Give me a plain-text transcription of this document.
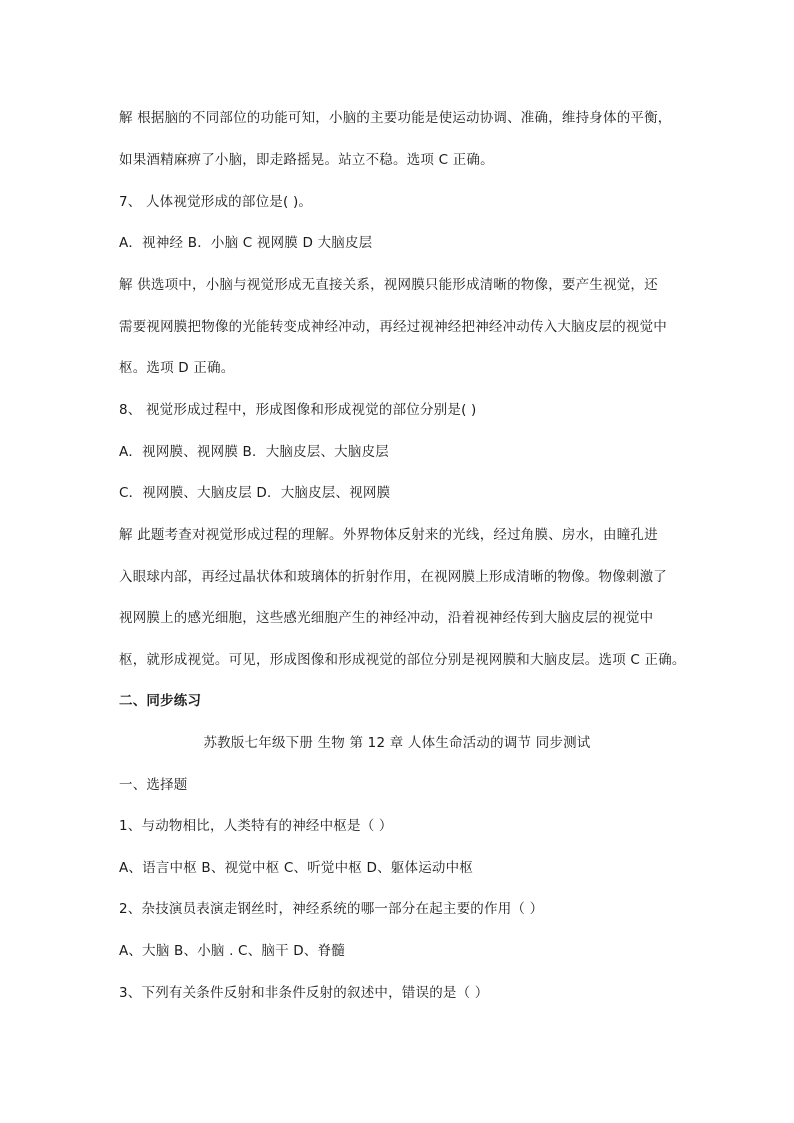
解 根据脑的不同部位的功能可知，小脑的主要功能是使运动协调、准确，维持身体的平衡，
如果酒精麻痹了小脑，即走路摇晃。站立不稳。选项 C 正确。
7、 人体视觉形成的部位是( )。
A．视神经 B．小脑 C 视网膜 D 大脑皮层
解 供选项中，小脑与视觉形成无直接关系，视网膜只能形成清晰的物像，要产生视觉，还
需要视网膜把物像的光能转变成神经冲动，再经过视神经把神经冲动传入大脑皮层的视觉中
枢。选项 D 正确。
8、 视觉形成过程中，形成图像和形成视觉的部位分别是( )
A．视网膜、视网膜 B．大脑皮层、大脑皮层
C．视网膜、大脑皮层 D．大脑皮层、视网膜
解 此题考查对视觉形成过程的理解。外界物体反射来的光线，经过角膜、房水，由瞳孔进
入眼球内部，再经过晶状体和玻璃体的折射作用，在视网膜上形成清晰的物像。物像刺激了
视网膜上的感光细胞，这些感光细胞产生的神经冲动，沿着视神经传到大脑皮层的视觉中
枢，就形成视觉。可见，形成图像和形成视觉的部位分别是视网膜和大脑皮层。选项 C 正确。
二、同步练习
苏教版七年级下册 生物 第 12 章 人体生命活动的调节 同步测试
一、选择题
1、与动物相比，人类特有的神经中枢是（ ）
A、语言中枢 B、视觉中枢 C、听觉中枢 D、躯体运动中枢
2、杂技演员表演走钢丝时，神经系统的哪一部分在起主要的作用（ ）
A、大脑 B、小脑 . C、脑干 D、脊髓
3、下列有关条件反射和非条件反射的叙述中，错误的是（ ）
